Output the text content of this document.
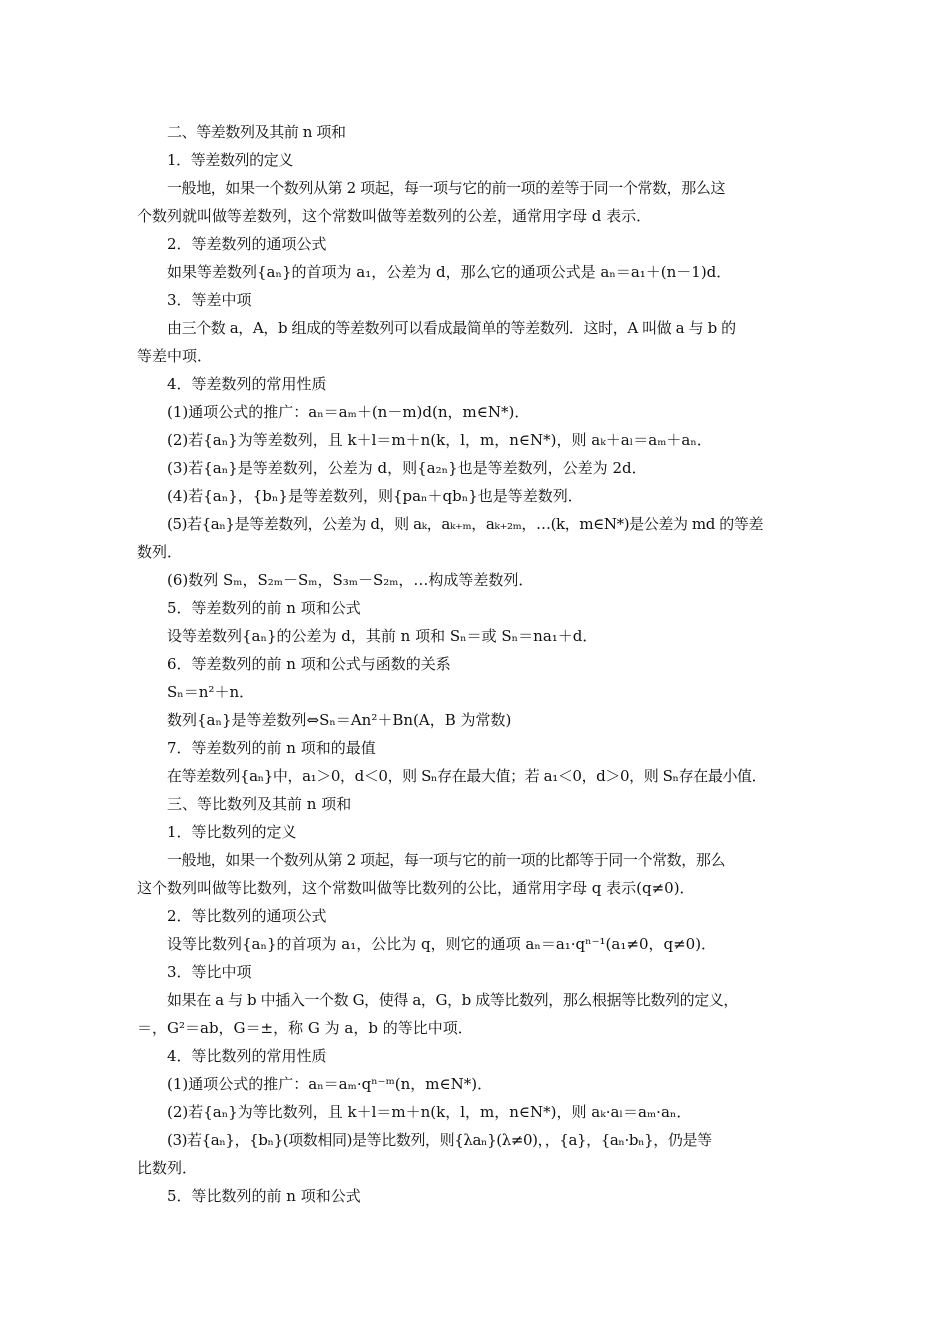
二、等差数列及其前 n 项和
1．等差数列的定义
一般地，如果一个数列从第 2 项起，每一项与它的前一项的差等于同一个常数，那么这
个数列就叫做等差数列，这个常数叫做等差数列的公差，通常用字母 d 表示．
2．等差数列的通项公式
如果等差数列{aₙ}的首项为 a₁，公差为 d，那么它的通项公式是 aₙ＝a₁＋(n－1)d．
3．等差中项
由三个数 a，A，b 组成的等差数列可以看成最简单的等差数列．这时，A 叫做 a 与 b 的
等差中项．
4．等差数列的常用性质
(1)通项公式的推广：aₙ＝aₘ＋(n－m)d(n，m∈N*)．
(2)若{aₙ}为等差数列，且 k＋l＝m＋n(k，l，m，n∈N*)，则 aₖ＋aₗ＝aₘ＋aₙ．
(3)若{aₙ}是等差数列，公差为 d，则{a₂ₙ}也是等差数列，公差为 2d．
(4)若{aₙ}，{bₙ}是等差数列，则{paₙ＋qbₙ}也是等差数列．
(5)若{aₙ}是等差数列，公差为 d，则 aₖ，aₖ₊ₘ，aₖ₊₂ₘ，…(k，m∈N*)是公差为 md 的等差
数列．
(6)数列 Sₘ，S₂ₘ－Sₘ，S₃ₘ－S₂ₘ，…构成等差数列．
5．等差数列的前 n 项和公式
设等差数列{aₙ}的公差为 d，其前 n 项和 Sₙ＝或 Sₙ＝na₁＋d．
6．等差数列的前 n 项和公式与函数的关系
Sₙ＝n²＋n．
数列{aₙ}是等差数列⇔Sₙ＝An²＋Bn(A，B 为常数)
7．等差数列的前 n 项和的最值
在等差数列{aₙ}中，a₁＞0，d＜0，则 Sₙ存在最大值；若 a₁＜0，d＞0，则 Sₙ存在最小值．
三、等比数列及其前 n 项和
1．等比数列的定义
一般地，如果一个数列从第 2 项起，每一项与它的前一项的比都等于同一个常数，那么
这个数列叫做等比数列，这个常数叫做等比数列的公比，通常用字母 q 表示(q≠0)．
2．等比数列的通项公式
设等比数列{aₙ}的首项为 a₁，公比为 q，则它的通项 aₙ＝a₁·qⁿ⁻¹(a₁≠0，q≠0)．
3．等比中项
如果在 a 与 b 中插入一个数 G，使得 a，G，b 成等比数列，那么根据等比数列的定义，
＝，G²＝ab，G＝±，称 G 为 a，b 的等比中项．
4．等比数列的常用性质
(1)通项公式的推广：aₙ＝aₘ·qⁿ⁻ᵐ(n，m∈N*)．
(2)若{aₙ}为等比数列，且 k＋l＝m＋n(k，l，m，n∈N*)，则 aₖ·aₗ＝aₘ·aₙ．
(3)若{aₙ}，{bₙ}(项数相同)是等比数列，则{λaₙ}(λ≠0)，，{a}，{aₙ·bₙ}，仍是等
比数列．
5．等比数列的前 n 项和公式
